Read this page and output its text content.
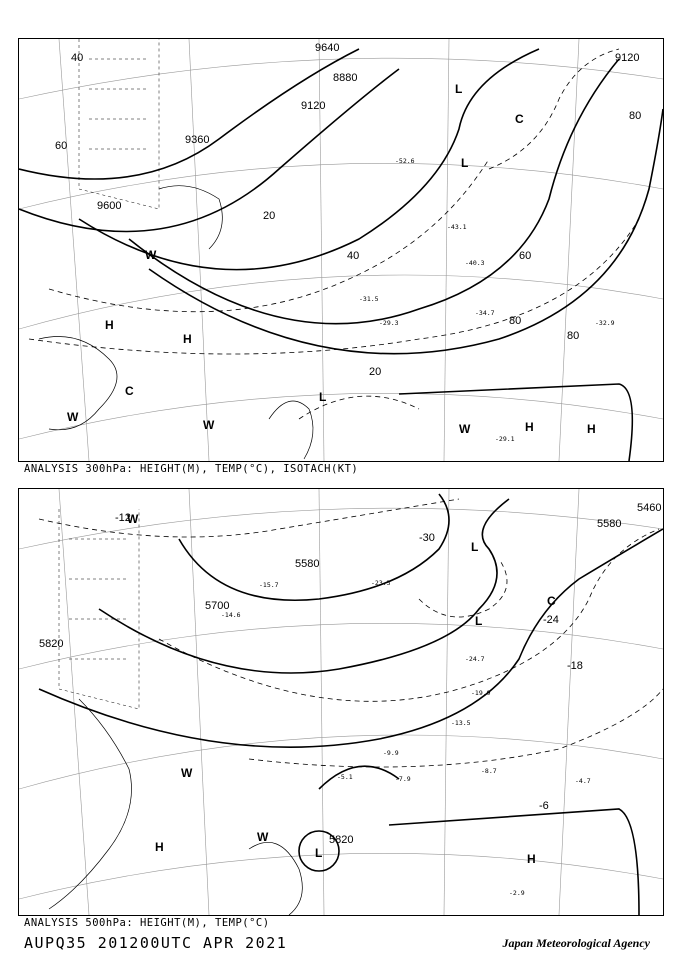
9600
9360
9120
8880
9640
9120
40
60
20
40	60
80
80
20
80
H
H
H	H
L
L
L
C
C
W
W	W
W
-31.5
-34.7
-29.3
-29.1
-43.1
-52.6
-40.3
-32.9
ANALYSIS 300hPa: HEIGHT(M), TEMP(°C), ISOTACH(KT)
5700
5820
5820
5580
5460
5580
-12
-18
-24
-30
-6
H
H
L
L
L
C
W
W
W
-23.5
-15.7
-14.6
-7.9
-9.9
-8.7
-5.1
-2.9
-4.7
-13.5
-19.9
-24.7
ANALYSIS 500hPa: HEIGHT(M), TEMP(°C)
AUPQ35 201200UTC APR 2021	Japan Meteorological Agency
